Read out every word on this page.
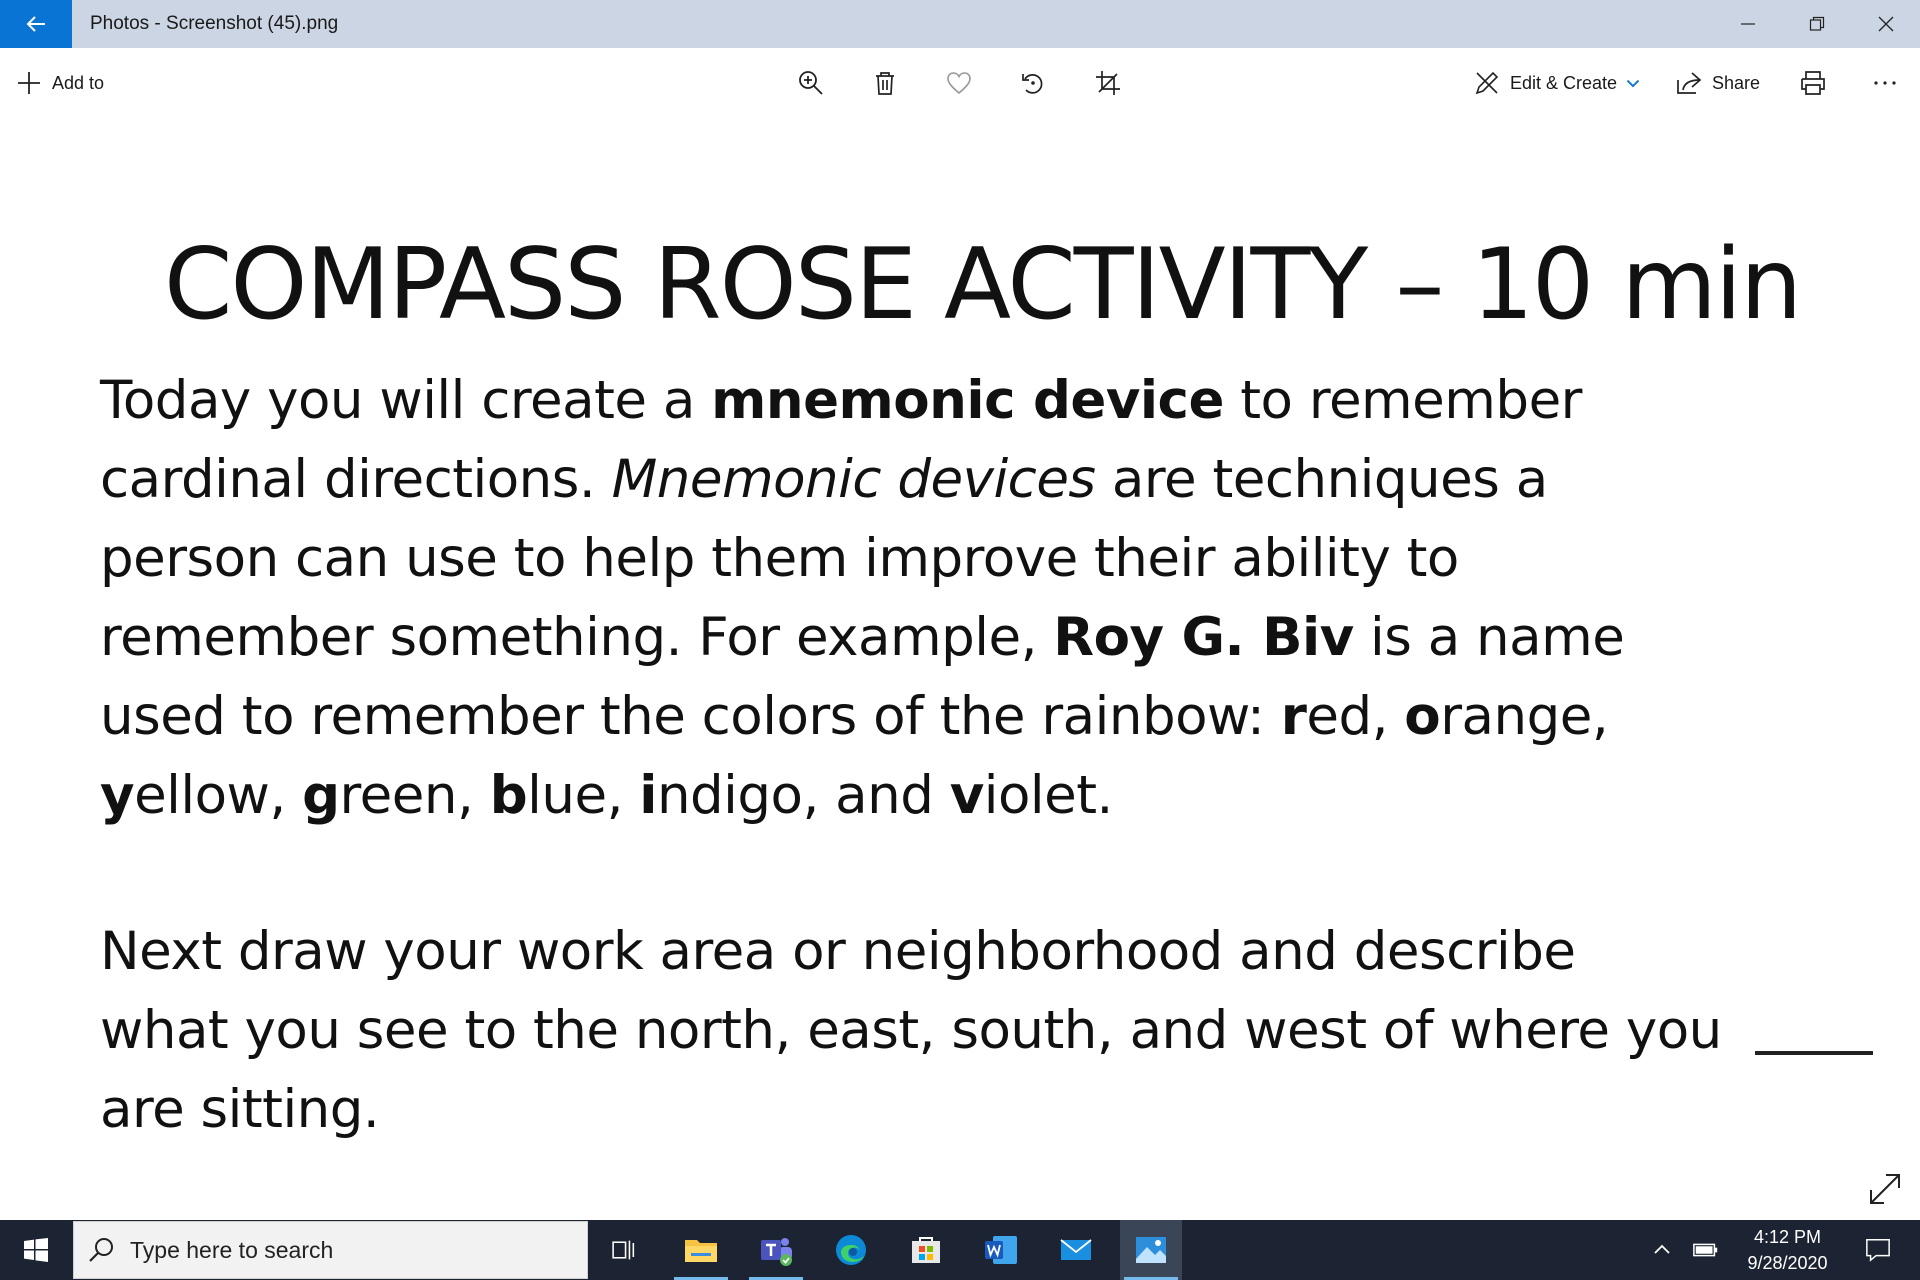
Photos - Screenshot (45).png
Add to	Edit & Create	Share
COMPASS ROSE ACTIVITY – 10 min
Today you will create a mnemonic device to remember
cardinal directions. Mnemonic devices are techniques a
person can use to help them improve their ability to
remember something. For example, Roy G. Biv is a name
used to remember the colors of the rainbow: red, orange,
yellow, green, blue, indigo, and violet.
Next draw your work area or neighborhood and describe
what you see to the north, east, south, and west of where you
are sitting.
Type here to search
4:12 PM
9/28/2020
